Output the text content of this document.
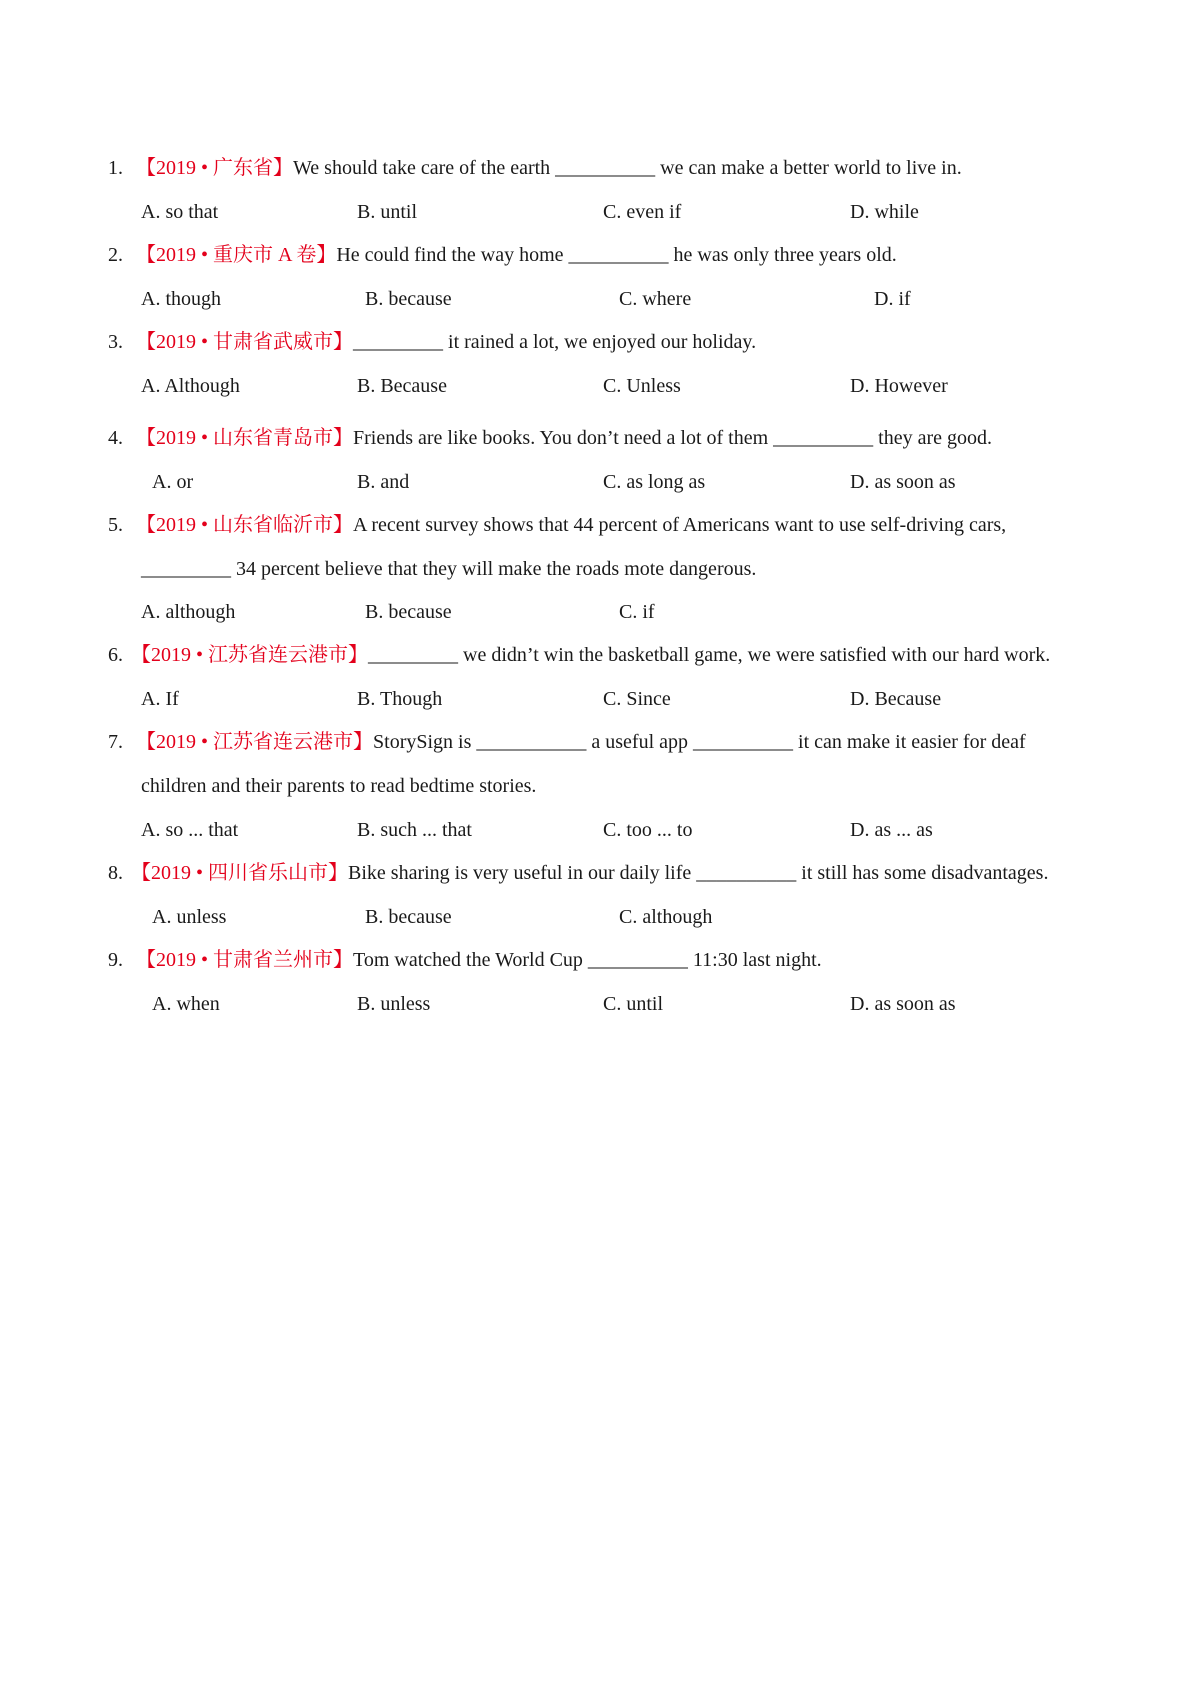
1. 【2019 • 广东省】We should take care of the earth __________ we can make a better world to live in.
A. so that	B. until	C. even if	D. while
2. 【2019 • 重庆市 A 卷】He could find the way home __________ he was only three years old.
A. though	B. because	C. where	D. if
3. 【2019 • 甘肃省武威市】_________ it rained a lot, we enjoyed our holiday.
A. Although	B. Because	C. Unless	D. However
4. 【2019 • 山东省青岛市】Friends are like books. You don’t need a lot of them __________ they are good.
A. or	B. and	C. as long as	D. as soon as
5. 【2019 • 山东省临沂市】A recent survey shows that 44 percent of Americans want to use self-driving cars,
_________ 34 percent believe that they will make the roads mote dangerous.
A. although	B. because	C. if
6. 【2019 • 江苏省连云港市】_________ we didn’t win the basketball game, we were satisfied with our hard work.
A. If	B. Though	C. Since	D. Because
7. 【2019 • 江苏省连云港市】StorySign is ___________ a useful app __________ it can make it easier for deaf
children and their parents to read bedtime stories.
A. so ... that	B. such ... that	C. too ... to	D. as ... as
8. 【2019 • 四川省乐山市】Bike sharing is very useful in our daily life __________ it still has some disadvantages.
A. unless	B. because	C. although
9. 【2019 • 甘肃省兰州市】Tom watched the World Cup __________ 11:30 last night.
A. when	B. unless	C. until	D. as soon as
